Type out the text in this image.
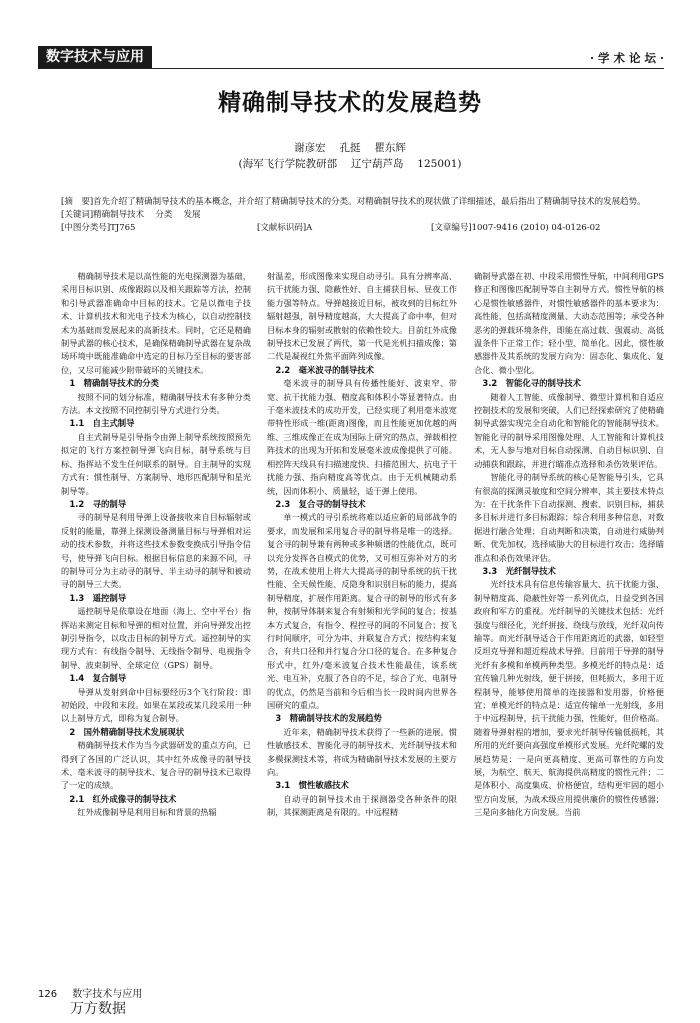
数字技术与应用	· 学 术 论 坛 ·
精确制导技术的发展趋势
谢彦宏　 孔挺　 瞿东辉
(海军飞行学院教研部　 辽宁葫芦岛　 125001)
[摘　要]首先介绍了精确制导技术的基本概念，并介绍了精确制导技术的分类。对精确制导技术的现状做了详细描述，最后指出了精确制导技术的发展趋势。
[关键词]精确制导技术　 分类　 发展
[中图分类号]TJ765	[文献标识码]A	[文章编号]1007-9416 (2010) 04-0126-02

精确制导技术是以高性能的光电探测器为基础，采用目标识别、成像跟踪以及相关跟踪等方法，控制和引导武器准确命中目标的技术。它是以微电子技术、计算机技术和光电子技术为核心，以自动控制技术为基础而发展起来的高新技术。同时，它还是精确制导武器的核心技术，是确保精确制导武器在复杂战场环境中既能准确命中选定的目标乃至目标的要害部位，又尽可能减少附带破坏的关键技术。

1　精确制导技术的分类

按照不同的划分标准，精确制导技术有多种分类方法。本文按照不同控制引导方式进行分类。

1.1　自主式制导

自主式制导是引导指令由弹上制导系统按照预先拟定的飞行方案控制导弹飞向目标，制导系统与目标、指挥站不发生任何联系的制导。自主制导的实现方式有：惯性制导、方案制导、地形匹配制导和星光制导等。

1.2　寻的制导

寻的制导是利用导弹上设备接收来自目标辐射或反射的能量，靠弹上探测设备测量目标与导弹相对运动的技术参数，并将这些技术参数变换成引导指令信号，使导弹飞向目标。根据目标信息的来源不同，寻的制导可分为主动寻的制导、半主动寻的制导和被动寻的制导三大类。

1.3　遥控制导

遥控制导是依靠设在地面（海上、空中平台）指挥站来测定目标和导弹的相对位置，并向导弹发出控制引导指令，以攻击目标的制导方式。遥控制导的实现方式有：有线指令制导、无线指令制导、电视指令制导、波束制导、全球定位（GPS）制导。

1.4　复合制导

导弹从发射到命中目标要经历3个飞行阶段：即初始段、中段和末段。如果在某段或某几段采用一种以上制导方式，即称为复合制导。

2　国外精确制导技术发展现状

精确制导技术作为当今武器研发的重点方向，已得到了各国的广泛认识，其中红外成像寻的制导技术、毫米波寻的制导技术、复合寻的制导技术已取得了一定的成绩。

2.1　红外成像寻的制导技术

红外成像制导是利用目标和背景的热辐

射温差，形成图像来实现自动寻引。具有分辨率高、抗干扰能力强、隐蔽性好、自主捕获目标、昼夜工作能力强等特点。导弹越接近目标，被攻到的目标红外辐射越强，制导精度越高，大大提高了命中率，但对目标本身的辐射或散射的依赖性较大。目前红外成像制导技术已发展了两代，第一代是光机扫描成像；第二代是凝视红外焦平面阵列成像。

2.2　毫米波寻的制导技术

毫米波寻的制导具有传播性能好、波束窄、带宽、抗干扰能力强、精度高和体积小等显著特点。由于毫米波技术的成功开发，已经实现了利用毫米波宽带特性形成一维(距离)图像，而且性能更加优越的两维、三维成像正在成为国际上研究的热点，弹载相控阵技术的出现为开拓和发展毫米波成像提供了可能。相控阵天线具有扫描速度快、扫描范围大、抗电子干扰能力强、指向精度高等优点。由于无机械随动系统，因而体积小、质量轻，适于弹上使用。

2.3　复合寻的制导技术

单一模式的寻引系统将难以适应新的局部战争的要求，而发展和采用复合寻的制导将是唯一的选择。复合寻的制导兼有两种或多种频谱的性能优点，既可以充分发挥各自模式的优势，又可相互弥补对方的劣势，在战术使用上将大大提高寻的制导系统的抗干扰性能、全天候性能、反隐身和识别目标的能力，提高制导精度，扩展作用距离。复合寻的制导的形式有多种，按制导体制来复合有射频和光学间的复合；按基本方式复合，有指令、程控寻的间的不同复合；按飞行时间顺序，可分为串、并联复合方式；按结构来复合，有共口径和并行复合分口径的复合。在多种复合形式中，红外/毫米波复合技术性能最佳，该系统光、电互补，克服了各自的不足，综合了光、电制导的优点，仍然是当前和今后相当长一段时间内世界各国研究的重点。

3　精确制导技术的发展趋势

近年来，精确制导技术获得了一些新的进展。惯性敏感技术、智能化寻的制导技术、光纤制导技术和多模探测技术等，将成为精确制导技术发展的主要方向。

3.1　惯性敏感技术

自动寻的制导技术由于探测器受各种条件的限制，其探测距离是有限的。中远程精

确制导武器在初、中段采用惯性导航，中间利用GPS修正和图像匹配制导等自主制导方式。惯性导航的核心是惯性敏感器件，对惯性敏感器件的基本要求为：高性能，包括高精度测量、大动态范围等；承受各种恶劣的弹载环境条件，即能在高过载、强震动、高低温条件下正常工作；轻小型、简单化。因此，惯性敏感器件及其系统的发展方向为：固态化、集成化、复合化、微小型化。

3.2　智能化寻的制导技术

随着人工智能、成像制导、微型计算机和自适应控制技术的发展和突破，人们已经探索研究了使精确制导武器实现完全自动化和智能化的智能制导技术。智能化寻的制导采用图像处理、人工智能和计算机技术，无人参与地对目标自动探测、自动目标识别、自动捕获和跟踪，并进行瞄准点选择和杀伤效果评估。

智能化寻的制导系统的核心是智能导引头，它具有很高的探测灵敏度和空间分辨率，其主要技术特点为：在干扰条件下自动探测、搜索、识别目标，捕获多目标并进行多目标跟踪；综合利用多种信息，对数据进行融合处理；自动判断和决策，自动进行威胁判断、优先加权，选择威胁大的目标进行攻击；选择瞄准点和杀伤效果评估。

3.3　光纤制导技术

光纤技术具有信息传输容量大、抗干扰能力强、制导精度高、隐蔽性好等一系列优点，日益受到各国政府和军方的重视。光纤制导的关键技术包括：光纤强度与细径化，光纤拼接、绕线与放线，光纤双向传输等。而光纤制导适合于作用距离近的武器，如轻型反坦克导弹和超近程战术导弹。目前用于导弹的制导光纤有多模和单模两种类型。多模光纤的特点是：适宜传输几种光射线，便于拼接，但耗损大，多用于近程制导，能够使用简单的连接器和发用器，价格便宜；单模光纤的特点是：适宜传输单一光射线，多用于中远程制导，抗干扰能力强，性能好，但价格高。随着导弹射程的增加，要求光纤制导传输低损耗，其所用的光纤要向高强度单模形式发展。光纤陀螺的发展趋势是：一是向更高精度、更高可靠性的方向发展，为航空、航天、航海提供高精度的惯性元件；二是体积小、高度集成、价格便宜，结构更牢固的超小型方向发展，为战术级应用提供廉价的惯性传感器；三是向多轴化方向发展。当前

126 数字技术与应用
万方数据
